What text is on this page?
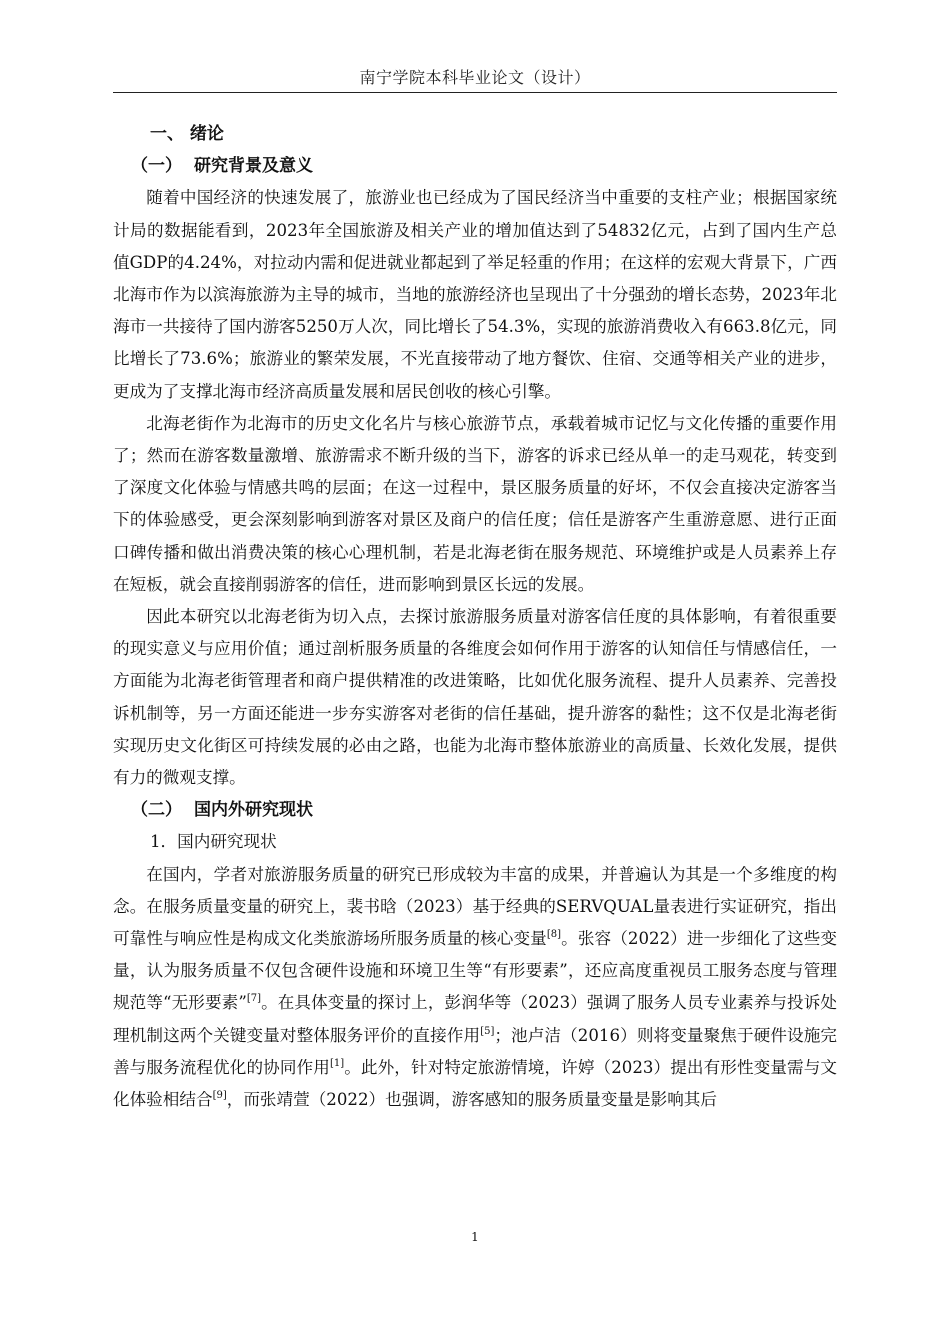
南宁学院本科毕业论文（设计）

一、 绪论

（一） 研究背景及意义

随着中国经济的快速发展了，旅游业也已经成为了国民经济当中重要的支柱产业；根据国家统计局的数据能看到，2023年全国旅游及相关产业的增加值达到了54832亿元，占到了国内生产总值GDP的4.24%，对拉动内需和促进就业都起到了举足轻重的作用；在这样的宏观大背景下，广西北海市作为以滨海旅游为主导的城市，当地的旅游经济也呈现出了十分强劲的增长态势，2023年北海市一共接待了国内游客5250万人次，同比增长了54.3%，实现的旅游消费收入有663.8亿元，同比增长了73.6%；旅游业的繁荣发展，不光直接带动了地方餐饮、住宿、交通等相关产业的进步，更成为了支撑北海市经济高质量发展和居民创收的核心引擎。

北海老街作为北海市的历史文化名片与核心旅游节点，承载着城市记忆与文化传播的重要作用了；然而在游客数量激增、旅游需求不断升级的当下，游客的诉求已经从单一的走马观花，转变到了深度文化体验与情感共鸣的层面；在这一过程中，景区服务质量的好坏，不仅会直接决定游客当下的体验感受，更会深刻影响到游客对景区及商户的信任度；信任是游客产生重游意愿、进行正面口碑传播和做出消费决策的核心心理机制，若是北海老街在服务规范、环境维护或是人员素养上存在短板，就会直接削弱游客的信任，进而影响到景区长远的发展。

因此本研究以北海老街为切入点，去探讨旅游服务质量对游客信任度的具体影响，有着很重要的现实意义与应用价值；通过剖析服务质量的各维度会如何作用于游客的认知信任与情感信任，一方面能为北海老街管理者和商户提供精准的改进策略，比如优化服务流程、提升人员素养、完善投诉机制等，另一方面还能进一步夯实游客对老街的信任基础，提升游客的黏性；这不仅是北海老街实现历史文化街区可持续发展的必由之路，也能为北海市整体旅游业的高质量、长效化发展，提供有力的微观支撑。

（二） 国内外研究现状

1．国内研究现状

在国内，学者对旅游服务质量的研究已形成较为丰富的成果，并普遍认为其是一个多维度的构念。在服务质量变量的研究上，裴书晗（2023）基于经典的SERVQUAL量表进行实证研究，指出可靠性与响应性是构成文化类旅游场所服务质量的核心变量[8]。张容（2022）进一步细化了这些变量，认为服务质量不仅包含硬件设施和环境卫生等“有形要素”，还应高度重视员工服务态度与管理规范等“无形要素”[7]。在具体变量的探讨上，彭润华等（2023）强调了服务人员专业素养与投诉处理机制这两个关键变量对整体服务评价的直接作用[5]；池卢洁（2016）则将变量聚焦于硬件设施完善与服务流程优化的协同作用[1]。此外，针对特定旅游情境，许婷（2023）提出有形性变量需与文化体验相结合[9]，而张靖萱（2022）也强调，游客感知的服务质量变量是影响其后

1
